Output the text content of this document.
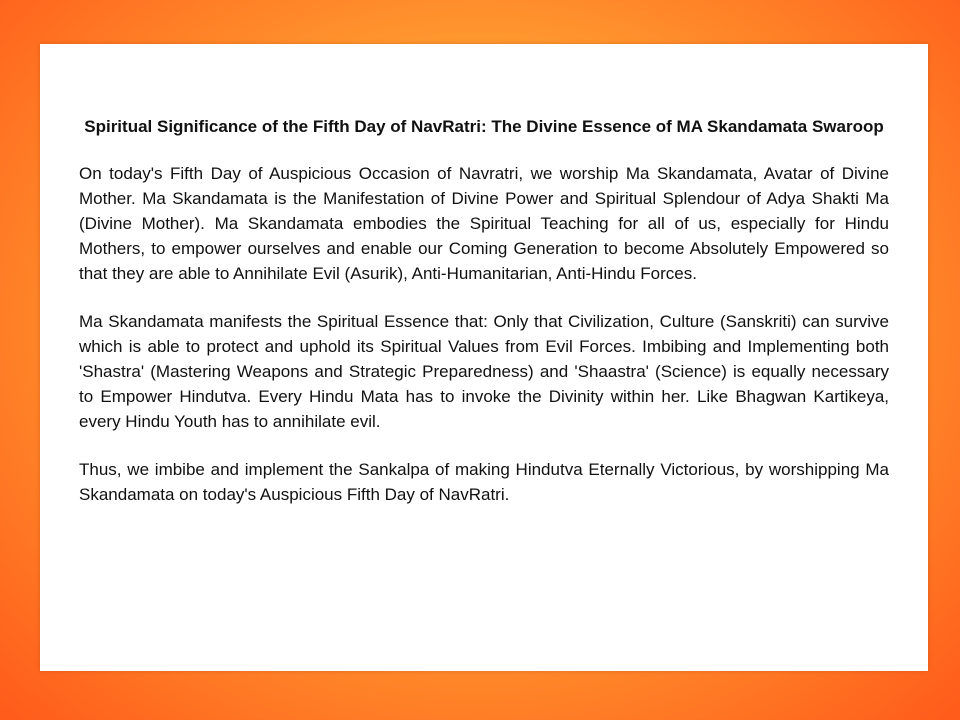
Spiritual Significance of the Fifth Day of NavRatri: The Divine Essence of MA Skandamata Swaroop

On today's Fifth Day of Auspicious Occasion of Navratri, we worship Ma Skandamata, Avatar of Divine Mother. Ma Skandamata is the Manifestation of Divine Power and Spiritual Splendour of Adya Shakti Ma (Divine Mother). Ma Skandamata embodies the Spiritual Teaching for all of us, especially for Hindu Mothers, to empower ourselves and enable our Coming Generation to become Absolutely Empowered so that they are able to Annihilate Evil (Asurik), Anti-Humanitarian, Anti-Hindu Forces.

Ma Skandamata manifests the Spiritual Essence that: Only that Civilization, Culture (Sanskriti) can survive which is able to protect and uphold its Spiritual Values from Evil Forces. Imbibing and Implementing both 'Shastra' (Mastering Weapons and Strategic Preparedness) and 'Shaastra' (Science) is equally necessary to Empower Hindutva. Every Hindu Mata has to invoke the Divinity within her. Like Bhagwan Kartikeya, every Hindu Youth has to annihilate evil.

Thus, we imbibe and implement the Sankalpa of making Hindutva Eternally Victorious, by worshipping Ma Skandamata on today's Auspicious Fifth Day of NavRatri.
